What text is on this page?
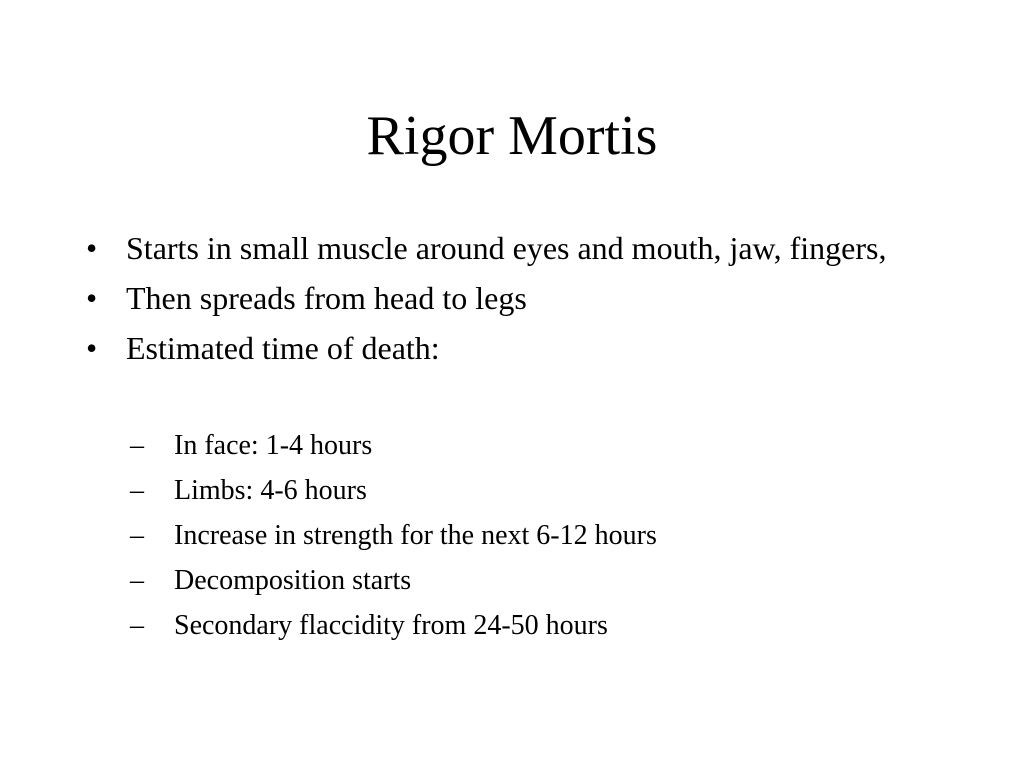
Rigor Mortis
• Starts in small muscle around eyes and mouth, jaw, fingers,
• Then spreads from head to legs
• Estimated time of death:
–	In face: 1-4 hours
–	Limbs: 4-6 hours
–	Increase in strength for the next 6-12 hours
–	Decomposition starts
–	Secondary flaccidity from 24-50 hours
